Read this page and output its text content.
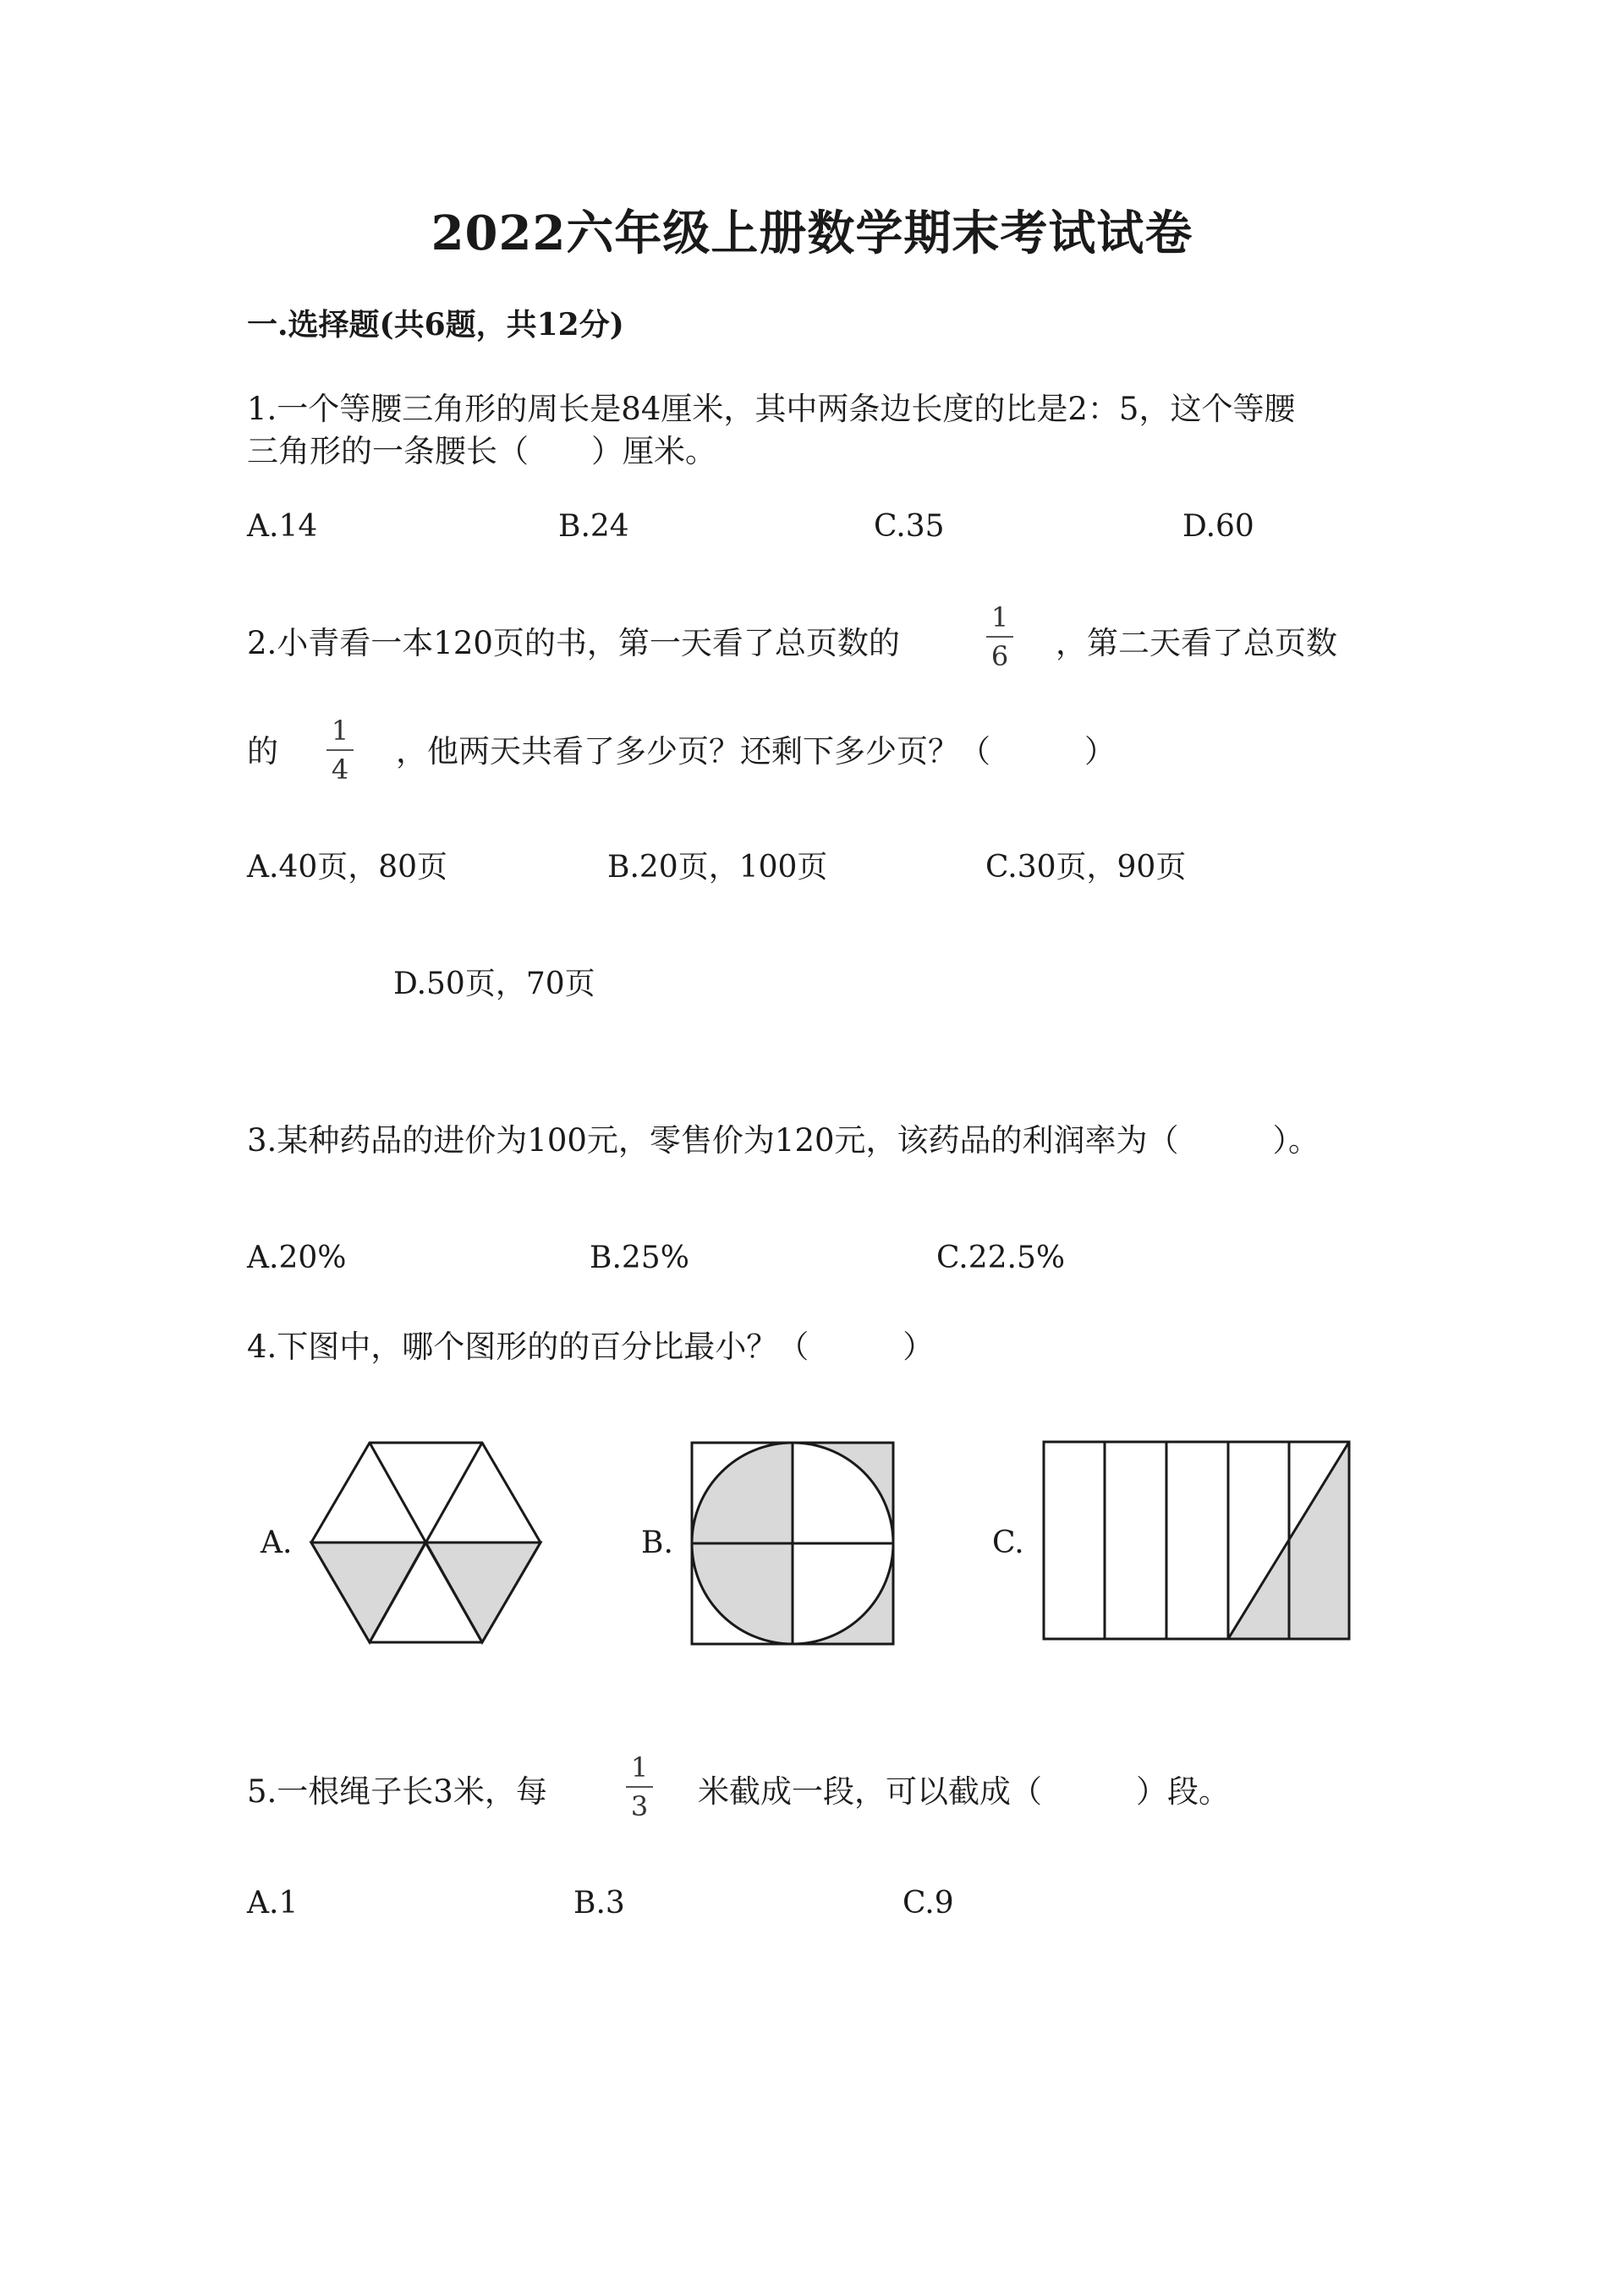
2022六年级上册数学期末考试试卷
一.选择题(共6题，共12分)
1.一个等腰三角形的周长是84厘米，其中两条边长度的比是2：5，这个等腰
三角形的一条腰长（　　）厘米。
A.14	B.24	C.35	D.60
2.小青看一本120页的书，第一天看了总页数的
1
6 ，第二天看了总页数
的
1
4 ，他两天共看了多少页？还剩下多少页？（　　　）
A.40页，80页	B.20页，100页	C.30页，90页
D.50页，70页
3.某种药品的进价为100元，零售价为120元，该药品的利润率为（　　　）。
A.20%	B.25%	C.22.5%
4.下图中，哪个图形的的百分比最小？（　　　）
A.	B.	C.
5.一根绳子长3米，每
1
3 米截成一段，可以截成（　　　）段。
A.1	B.3	C.9
